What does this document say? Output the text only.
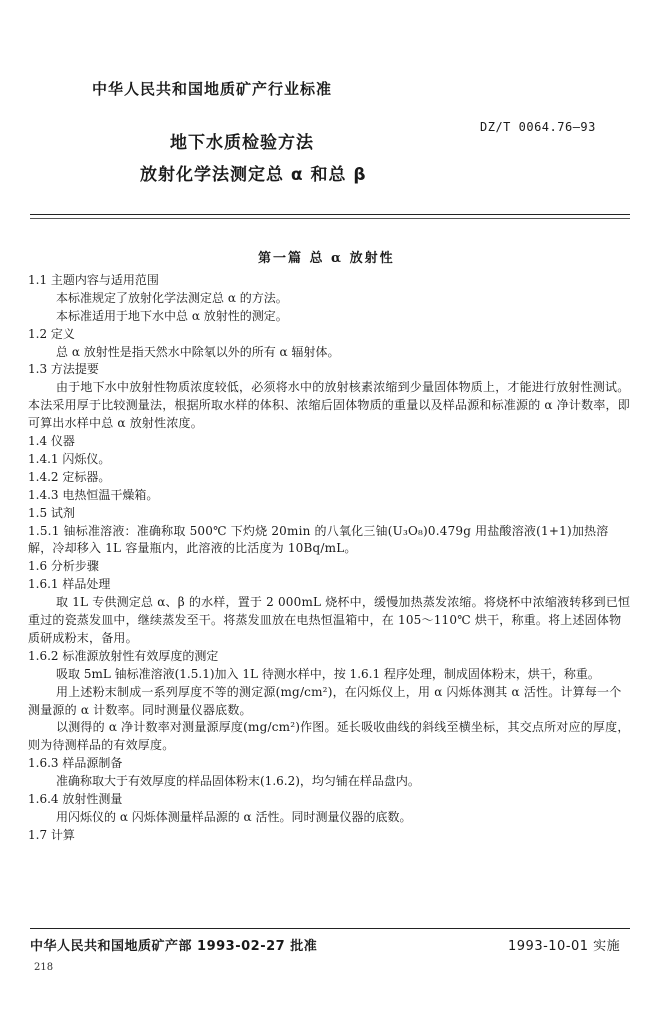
中华人民共和国地质矿产行业标准
DZ/T 0064.76—93
地下水质检验方法
放射化学法测定总 α 和总 β
第一篇 总 α 放射性
1.1 主题内容与适用范围
本标准规定了放射化学法测定总 α 的方法。
本标准适用于地下水中总 α 放射性的测定。
1.2 定义
总 α 放射性是指天然水中除氡以外的所有 α 辐射体。
1.3 方法提要
由于地下水中放射性物质浓度较低，必须将水中的放射核素浓缩到少量固体物质上，才能进行放射性测试。本法采用厚于比较测量法，根据所取水样的体积、浓缩后固体物质的重量以及样品源和标准源的 α 净计数率，即可算出水样中总 α 放射性浓度。
1.4 仪器
1.4.1 闪烁仪。
1.4.2 定标器。
1.4.3 电热恒温干燥箱。
1.5 试剂
1.5.1 铀标准溶液：准确称取 500℃ 下灼烧 20min 的八氧化三铀(U₃O₈)0.479g 用盐酸溶液(1+1)加热溶解，冷却移入 1L 容量瓶内，此溶液的比活度为 10Bq/mL。
1.6 分析步骤
1.6.1 样品处理
取 1L 专供测定总 α、β 的水样，置于 2 000mL 烧杯中，缓慢加热蒸发浓缩。将烧杯中浓缩液转移到已恒重过的瓷蒸发皿中，继续蒸发至干。将蒸发皿放在电热恒温箱中，在 105～110℃ 烘干，称重。将上述固体物质研成粉末，备用。
1.6.2 标准源放射性有效厚度的测定
吸取 5mL 铀标准溶液(1.5.1)加入 1L 待测水样中，按 1.6.1 程序处理，制成固体粉末，烘干，称重。
用上述粉末制成一系列厚度不等的测定源(mg/cm²)，在闪烁仪上，用 α 闪烁体测其 α 活性。计算每一个测量源的 α 计数率。同时测量仪器底数。
以测得的 α 净计数率对测量源厚度(mg/cm²)作图。延长吸收曲线的斜线至横坐标，其交点所对应的厚度，则为待测样品的有效厚度。
1.6.3 样品源制备
准确称取大于有效厚度的样品固体粉末(1.6.2)，均匀铺在样品盘内。
1.6.4 放射性测量
用闪烁仪的 α 闪烁体测量样品源的 α 活性。同时测量仪器的底数。
1.7 计算
中华人民共和国地质矿产部 1993-02-27 批准	1993-10-01 实施
218
